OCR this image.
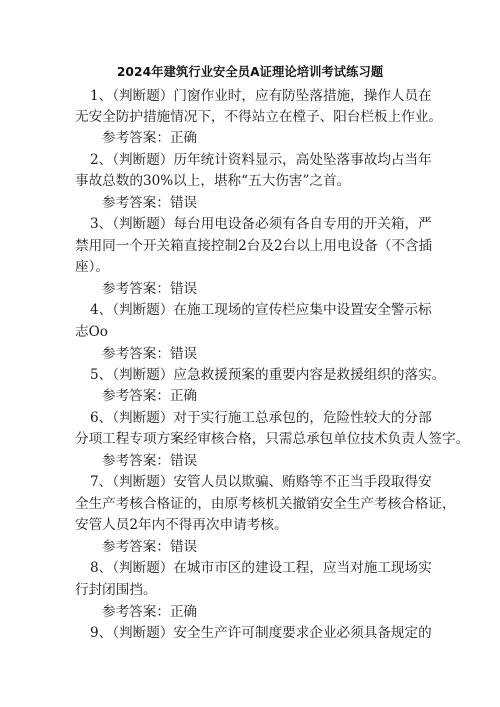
2024年建筑行业安全员A证理论培训考试练习题
1、（判断题）门窗作业时，应有防坠落措施，操作人员在
无安全防护措施情况下，不得站立在樘子、阳台栏板上作业。
参考答案：正确
2、（判断题）历年统计资料显示，高处坠落事故均占当年
事故总数的30%以上，堪称“五大伤害”之首。
参考答案：错误
3、（判断题）每台用电设备必须有各自专用的开关箱，严
禁用同一个开关箱直接控制2台及2台以上用电设备（不含插
座）。
参考答案：错误
4、（判断题）在施工现场的宣传栏应集中设置安全警示标
志Oo
参考答案：错误
5、（判断题）应急救援预案的重要内容是救援组织的落实。
参考答案：正确
6、（判断题）对于实行施工总承包的，危险性较大的分部
分项工程专项方案经审核合格，只需总承包单位技术负责人签字。
参考答案：错误
7、（判断题）安管人员以欺骗、贿赂等不正当手段取得安
全生产考核合格证的，由原考核机关撤销安全生产考核合格证，
安管人员2年内不得再次申请考核。
参考答案：错误
8、（判断题）在城市市区的建设工程，应当对施工现场实
行封闭围挡。
参考答案：正确
9、（判断题）安全生产许可制度要求企业必须具备规定的
